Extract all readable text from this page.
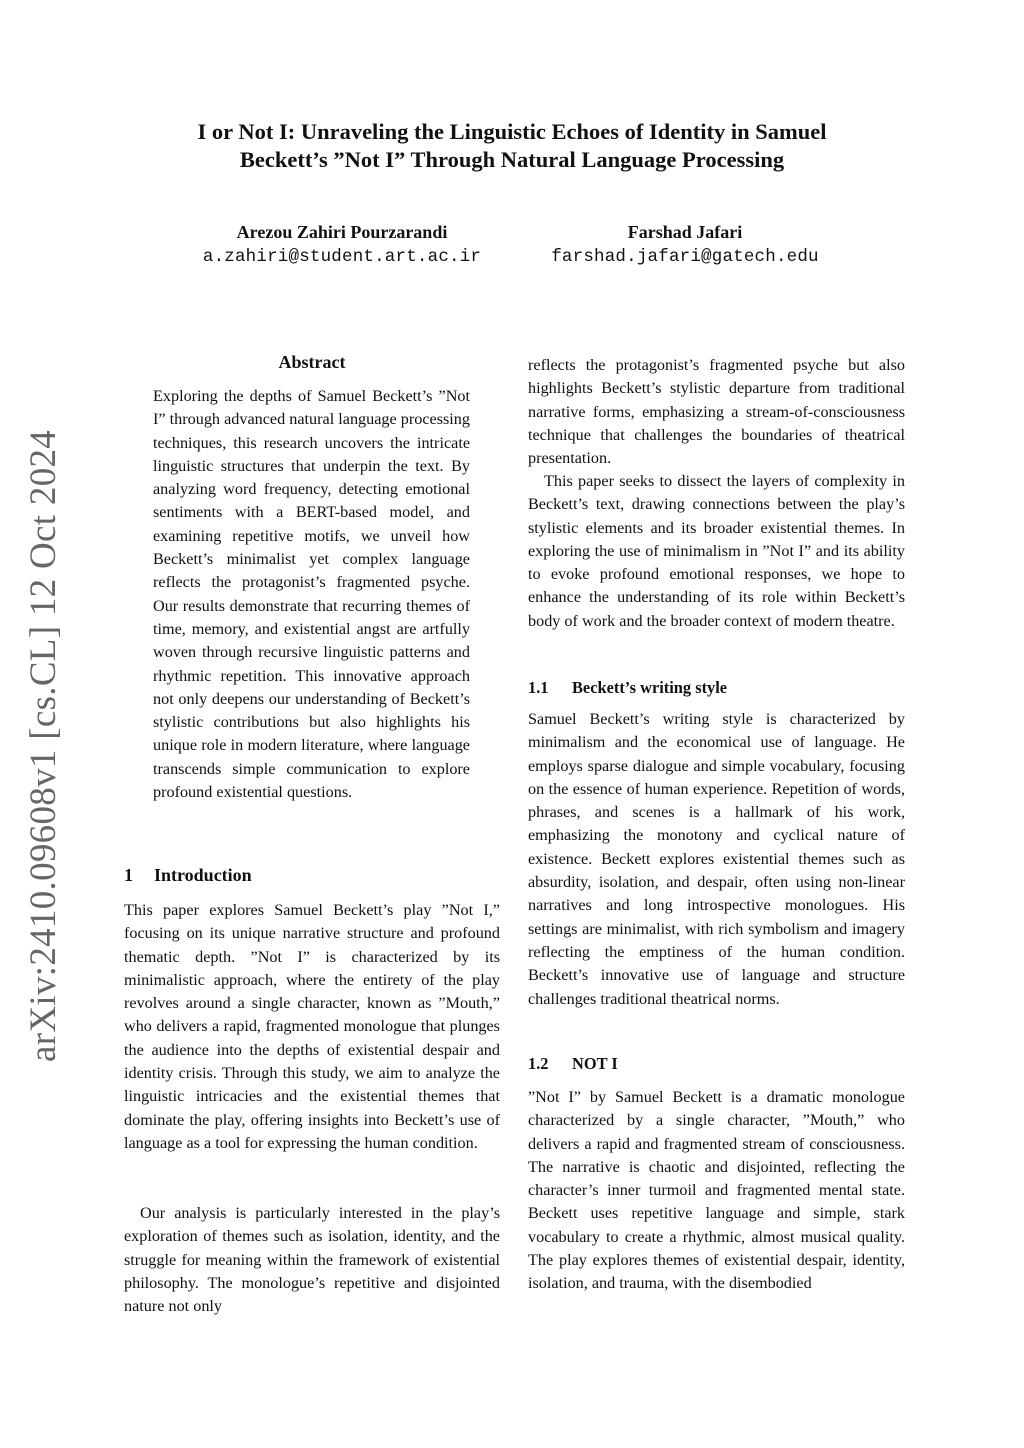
I or Not I: Unraveling the Linguistic Echoes of Identity in Samuel
Beckett’s ”Not I” Through Natural Language Processing
Arezou Zahiri Pourzarandi
a.zahiri@student.art.ac.ir
Farshad Jafari
farshad.jafari@gatech.edu
arXiv:2410.09608v1 [cs.CL] 12 Oct 2024
Abstract

Exploring the depths of Samuel Beckett’s ”Not I” through advanced natural language processing techniques, this research uncovers the intricate linguistic structures that underpin the text. By analyzing word frequency, detecting emotional sentiments with a BERT-based model, and examining repetitive motifs, we unveil how Beckett’s minimalist yet complex language reflects the protagonist’s fragmented psyche. Our results demonstrate that recurring themes of time, memory, and existential angst are artfully woven through recursive linguistic patterns and rhythmic repetition. This innovative approach not only deepens our understanding of Beckett’s stylistic contributions but also highlights his unique role in modern literature, where language transcends simple communication to explore profound existential questions.

1 Introduction

This paper explores Samuel Beckett’s play ”Not I,” focusing on its unique narrative structure and profound thematic depth. ”Not I” is characterized by its minimalistic approach, where the entirety of the play revolves around a single character, known as ”Mouth,” who delivers a rapid, fragmented monologue that plunges the audience into the depths of existential despair and identity crisis. Through this study, we aim to analyze the linguistic intricacies and the existential themes that dominate the play, offering insights into Beckett’s use of language as a tool for expressing the human condition.

Our analysis is particularly interested in the play’s exploration of themes such as isolation, identity, and the struggle for meaning within the framework of existential philosophy. The monologue’s repetitive and disjointed nature not only

reflects the protagonist’s fragmented psyche but also highlights Beckett’s stylistic departure from traditional narrative forms, emphasizing a stream-of-consciousness technique that challenges the boundaries of theatrical presentation.

This paper seeks to dissect the layers of complexity in Beckett’s text, drawing connections between the play’s stylistic elements and its broader existential themes. In exploring the use of minimalism in ”Not I” and its ability to evoke profound emotional responses, we hope to enhance the understanding of its role within Beckett’s body of work and the broader context of modern theatre.

1.1 Beckett’s writing style

Samuel Beckett’s writing style is characterized by minimalism and the economical use of language. He employs sparse dialogue and simple vocabulary, focusing on the essence of human experience. Repetition of words, phrases, and scenes is a hallmark of his work, emphasizing the monotony and cyclical nature of existence. Beckett explores existential themes such as absurdity, isolation, and despair, often using non-linear narratives and long introspective monologues. His settings are minimalist, with rich symbolism and imagery reflecting the emptiness of the human condition. Beckett’s innovative use of language and structure challenges traditional theatrical norms.

1.2 NOT I

”Not I” by Samuel Beckett is a dramatic monologue characterized by a single character, ”Mouth,” who delivers a rapid and fragmented stream of consciousness. The narrative is chaotic and disjointed, reflecting the character’s inner turmoil and fragmented mental state. Beckett uses repetitive language and simple, stark vocabulary to create a rhythmic, almost musical quality. The play explores themes of existential despair, identity, isolation, and trauma, with the disembodied
